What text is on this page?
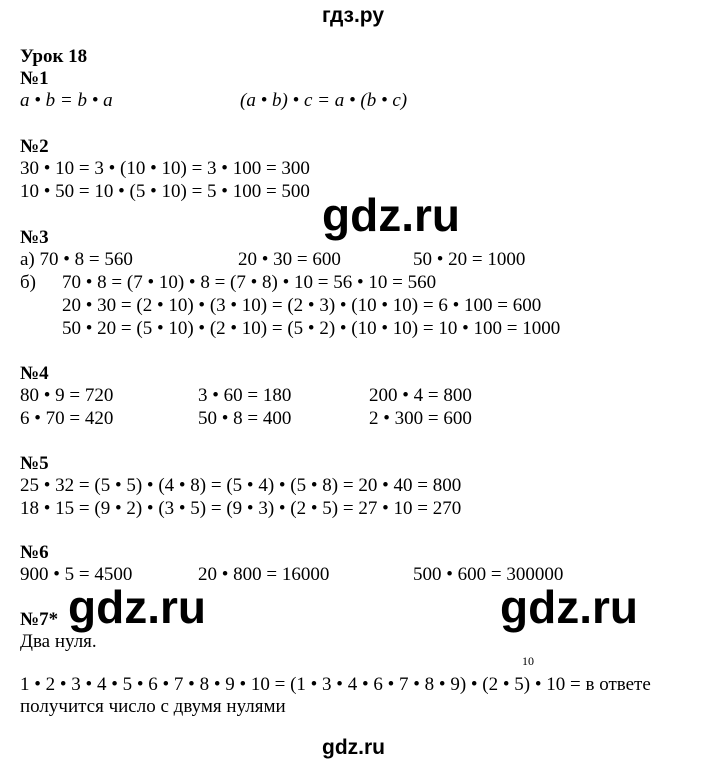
гдз.ру
Урок 18
№1
a • b = b • a	(a • b) • c = a • (b • c)
№2
30 • 10 = 3 • (10 • 10) = 3 • 100 = 300
10 • 50 = 10 • (5 • 10) = 5 • 100 = 500
№3
а) 70 • 8 = 560	20 • 30 = 600	50 • 20 = 1000
б) 70 • 8 = (7 • 10) • 8 = (7 • 8) • 10 = 56 • 10 = 560
20 • 30 = (2 • 10) • (3 • 10) = (2 • 3) • (10 • 10) = 6 • 100 = 600
50 • 20 = (5 • 10) • (2 • 10) = (5 • 2) • (10 • 10) = 10 • 100 = 1000
№4
80 • 9 = 720	3 • 60 = 180	200 • 4 = 800
6 • 70 = 420	50 • 8 = 400	2 • 300 = 600
№5
25 • 32 = (5 • 5) • (4 • 8) = (5 • 4) • (5 • 8) = 20 • 40 = 800
18 • 15 = (9 • 2) • (3 • 5) = (9 • 3) • (2 • 5) = 27 • 10 = 270
№6
900 • 5 = 4500	20 • 800 = 16000	500 • 600 = 300000
№7*
Два нуля.
10
1 • 2 • 3 • 4 • 5 • 6 • 7 • 8 • 9 • 10 = (1 • 3 • 4 • 6 • 7 • 8 • 9) • (2 • 5) • 10 = в ответе
получится число с двумя нулями
gdz.ru
gdz.ru	gdz.ru
gdz.ru
